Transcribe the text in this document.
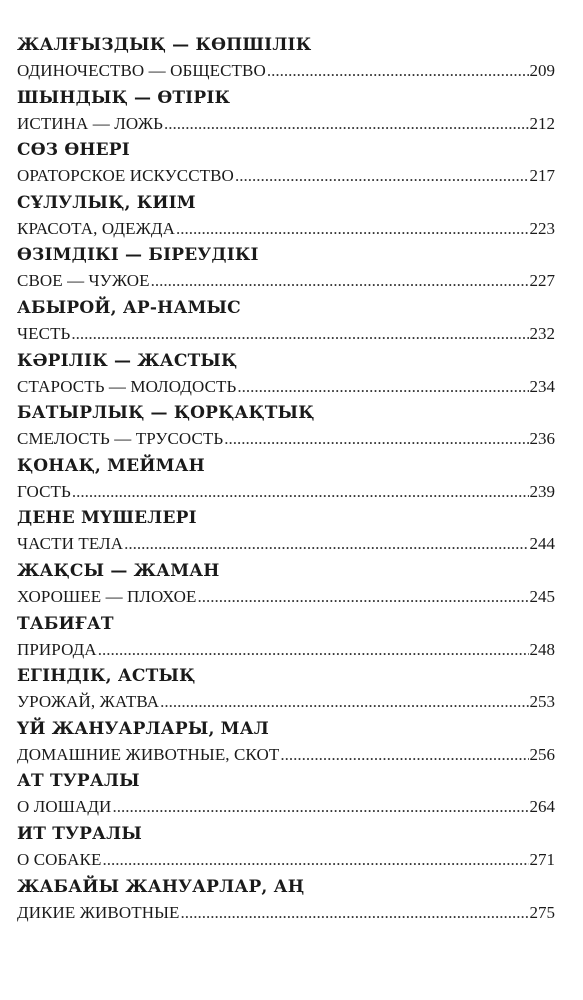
ЖАЛҒЫЗДЫҚ — КӨПШІЛІК
ОДИНОЧЕСТВО — ОБЩЕСТВО .....	209
ШЫНДЫҚ — ӨТІРІК
ИСТИНА — ЛОЖЬ .....	212
СӨЗ ӨНЕРІ
ОРАТОРСКОЕ ИСКУССТВО .....	217
СҰЛУЛЫҚ, КИІМ
КРАСОТА, ОДЕЖДА .....	223
ӨЗІМДІКІ — БІРЕУДІКІ
СВОЕ — ЧУЖОЕ .....	227
АБЫРОЙ, АР-НАМЫС
ЧЕСТЬ .....	232
КӘРІЛІК — ЖАСТЫҚ
СТАРОСТЬ — МОЛОДОСТЬ .....	234
БАТЫРЛЫҚ — ҚОРҚАҚТЫҚ
СМЕЛОСТЬ — ТРУСОСТЬ .....	236
ҚОНАҚ, МЕЙМАН
ГОСТЬ .....	239
ДЕНЕ МҮШЕЛЕРІ
ЧАСТИ ТЕЛА .....	244
ЖАҚСЫ — ЖАМАН
ХОРОШЕЕ — ПЛОХОЕ .....	245
ТАБИҒАТ
ПРИРОДА .....	248
ЕГІНДІК, АСТЫҚ
УРОЖАЙ, ЖАТВА .....	253
ҮЙ ЖАНУАРЛАРЫ, МАЛ
ДОМАШНИЕ ЖИВОТНЫЕ, СКОТ .....	256
АТ ТУРАЛЫ
О ЛОШАДИ .....	264
ИТ ТУРАЛЫ
О СОБАКЕ .....	271
ЖАБАЙЫ ЖАНУАРЛАР, АҢ
ДИКИЕ ЖИВОТНЫЕ .....	275
